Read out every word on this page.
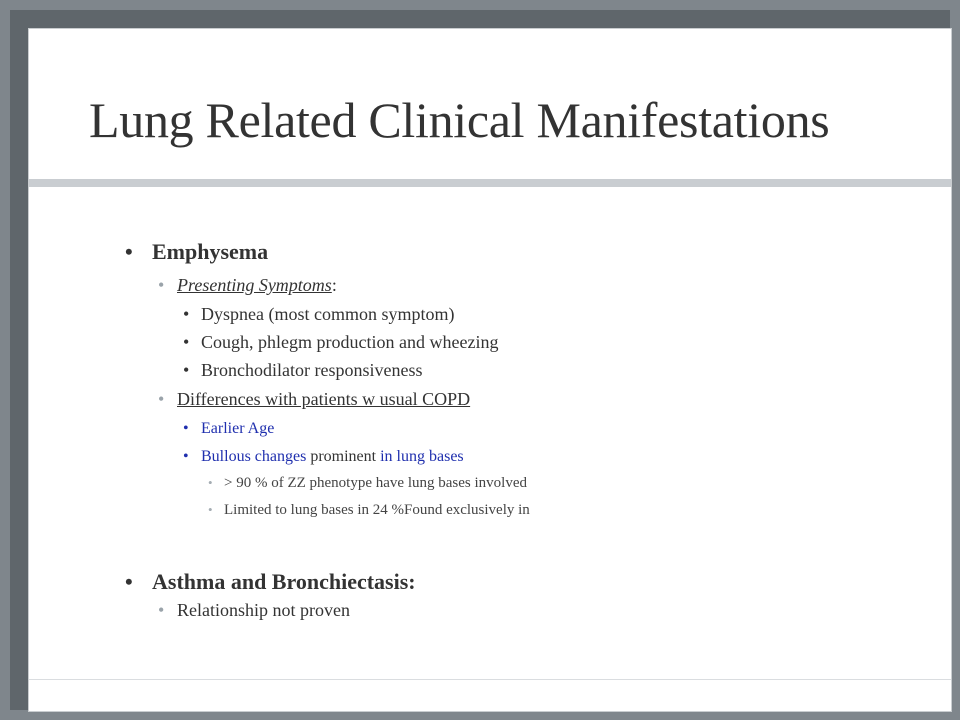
Lung Related Clinical Manifestations
• Emphysema
• Presenting Symptoms:
• Dyspnea (most common symptom)
• Cough, phlegm production and wheezing
• Bronchodilator responsiveness
• Differences with patients w usual COPD
• Earlier Age
• Bullous changes prominent in lung bases
• > 90 % of ZZ phenotype have lung bases involved
• Limited to lung bases in 24 %Found exclusively in
• Asthma and Bronchiectasis:
• Relationship not proven
